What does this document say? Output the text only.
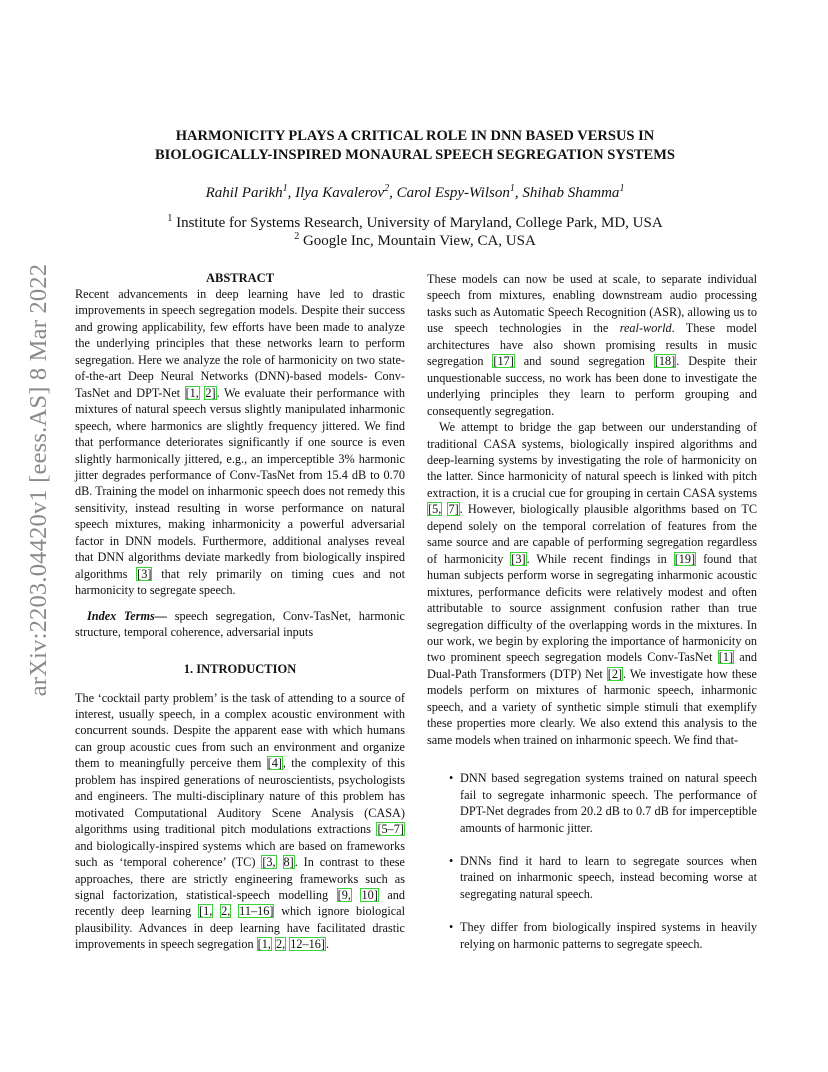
arXiv:2203.04420v1 [eess.AS] 8 Mar 2022
HARMONICITY PLAYS A CRITICAL ROLE IN DNN BASED VERSUS IN
BIOLOGICALLY-INSPIRED MONAURAL SPEECH SEGREGATION SYSTEMS
Rahil Parikh$^1$, Ilya Kavalerov$^2$, Carol Espy-Wilson$^1$, Shihab Shamma$^1$
$^1$ Institute for Systems Research, University of Maryland, College Park, MD, USA
$^2$ Google Inc, Mountain View, CA, USA
ABSTRACT

Recent advancements in deep learning have led to drastic improvements in speech segregation models. Despite their success and growing applicability, few efforts have been made to analyze the underlying principles that these networks learn to perform segregation. Here we analyze the role of harmonicity on two state-of-the-art Deep Neural Networks (DNN)-based models- Conv-TasNet and DPT-Net [1, 2]. We evaluate their performance with mixtures of natural speech versus slightly manipulated inharmonic speech, where harmonics are slightly frequency jittered. We find that performance deteriorates significantly if one source is even slightly harmonically jittered, e.g., an imperceptible 3% harmonic jitter degrades performance of Conv-TasNet from 15.4 dB to 0.70 dB. Training the model on inharmonic speech does not remedy this sensitivity, instead resulting in worse performance on natural speech mixtures, making inharmonicity a powerful adversarial factor in DNN models. Furthermore, additional analyses reveal that DNN algorithms deviate markedly from biologically inspired algorithms [3] that rely primarily on timing cues and not harmonicity to segregate speech.

Index Terms— speech segregation, Conv-TasNet, harmonic structure, temporal coherence, adversarial inputs

1. INTRODUCTION

The ‘cocktail party problem’ is the task of attending to a source of interest, usually speech, in a complex acoustic environment with concurrent sounds. Despite the apparent ease with which humans can group acoustic cues from such an environment and organize them to meaningfully perceive them [4], the complexity of this problem has inspired generations of neuroscientists, psychologists and engineers. The multi-disciplinary nature of this problem has motivated Computational Auditory Scene Analysis (CASA) algorithms using traditional pitch modulations extractions [5–7] and biologically-inspired systems which are based on frameworks such as ‘temporal coherence’ (TC) [3, 8]. In contrast to these approaches, there are strictly engineering frameworks such as signal factorization, statistical-speech modelling [9, 10] and recently deep learning [1, 2, 11–16] which ignore biological plausibility. Advances in deep learning have facilitated drastic improvements in speech segregation [1, 2, 12–16].

These models can now be used at scale, to separate individual speech from mixtures, enabling downstream audio processing tasks such as Automatic Speech Recognition (ASR), allowing us to use speech technologies in the real-world. These model architectures have also shown promising results in music segregation [17] and sound segregation [18]. Despite their unquestionable success, no work has been done to investigate the underlying principles they learn to perform grouping and consequently segregation.

We attempt to bridge the gap between our understanding of traditional CASA systems, biologically inspired algorithms and deep-learning systems by investigating the role of harmonicity on the latter. Since harmonicity of natural speech is linked with pitch extraction, it is a crucial cue for grouping in certain CASA systems [5, 7]. However, biologically plausible algorithms based on TC depend solely on the temporal correlation of features from the same source and are capable of performing segregation regardless of harmonicity [3]. While recent findings in [19] found that human subjects perform worse in segregating inharmonic acoustic mixtures, performance deficits were relatively modest and often attributable to source assignment confusion rather than true segregation difficulty of the overlapping words in the mixtures. In our work, we begin by exploring the importance of harmonicity on two prominent speech segregation models Conv-TasNet [1] and Dual-Path Transformers (DTP) Net [2]. We investigate how these models perform on mixtures of harmonic speech, inharmonic speech, and a variety of synthetic simple stimuli that exemplify these properties more clearly. We also extend this analysis to the same models when trained on inharmonic speech. We find that-

• DNN based segregation systems trained on natural speech fail to segregate inharmonic speech. The performance of DPT-Net degrades from 20.2 dB to 0.7 dB for imperceptible amounts of harmonic jitter.
• DNNs find it hard to learn to segregate sources when trained on inharmonic speech, instead becoming worse at segregating natural speech.
• They differ from biologically inspired systems in heavily relying on harmonic patterns to segregate speech.
